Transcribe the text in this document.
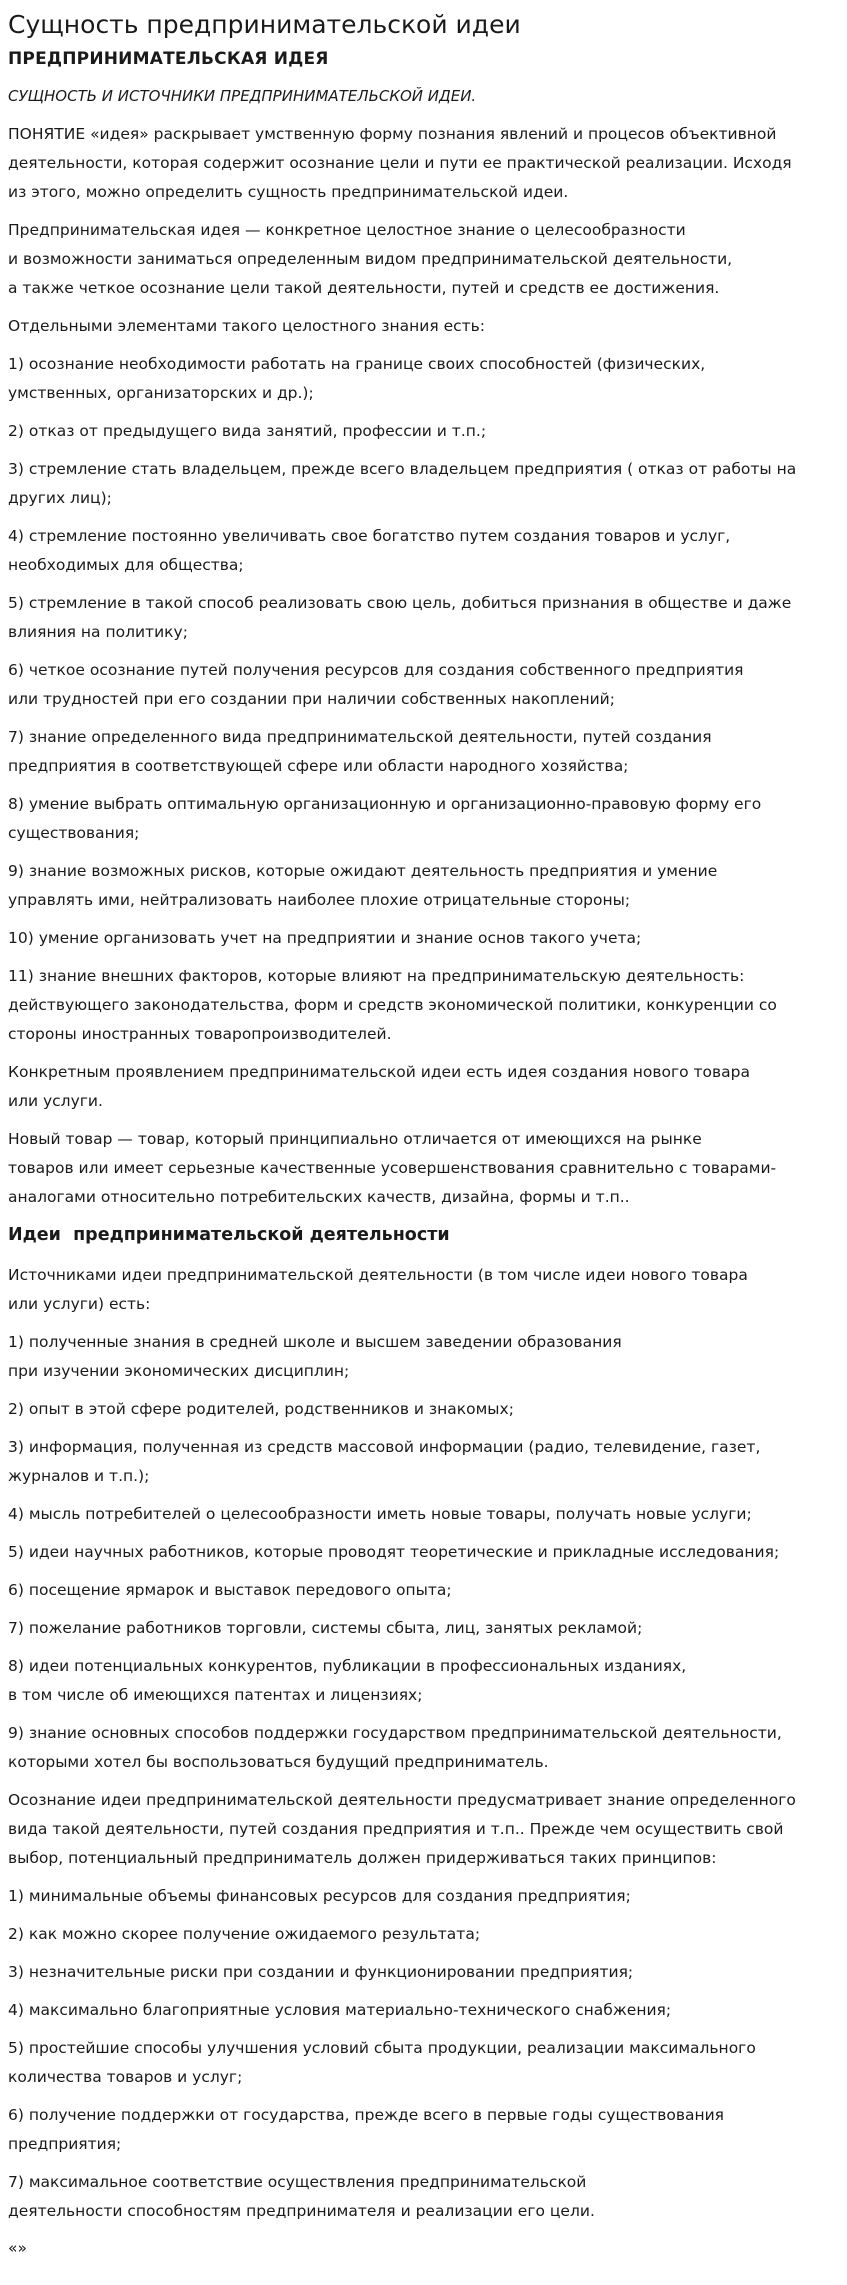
Сущность предпринимательской идеи
ПРЕДПРИНИМАТЕЛЬСКАЯ ИДЕЯ
СУЩНОСТЬ И ИСТОЧНИКИ ПРЕДПРИНИМАТЕЛЬСКОЙ ИДЕИ.

ПОНЯТИЕ «идея» раскрывает умственную форму познания явлений и процесов объективной
деятельности, которая содержит осознание цели и пути ее практической реализации. Исходя
из этого, можно определить сущность предпринимательской идеи.

Предпринимательская идея — конкретное целостное знание о целесообразности
и возможности заниматься определенным видом предпринимательской деятельности,
а также четкое осознание цели такой деятельности, путей и средств ее достижения.

Отдельными элементами такого целостного знания есть:

1) осознание необходимости работать на границе своих способностей (физических,
умственных, организаторских и др.);

2) отказ от предыдущего вида занятий, профессии и т.п.;

3) стремление стать владельцем, прежде всего владельцем предприятия ( отказ от работы на
других лиц);

4) стремление постоянно увеличивать свое богатство путем создания товаров и услуг,
необходимых для общества;

5) стремление в такой способ реализовать свою цель, добиться признания в обществе и даже
влияния на политику;

6) четкое осознание путей получения ресурсов для создания собственного предприятия
или трудностей при его создании при наличии собственных накоплений;

7) знание определенного вида предпринимательской деятельности, путей создания
предприятия в соответствующей сфере или области народного хозяйства;

8) умение выбрать оптимальную организационную и организационно-правовую форму его
существования;

9) знание возможных рисков, которые ожидают деятельность предприятия и умение
управлять ими, нейтрализовать наиболее плохие отрицательные стороны;

10) умение организовать учет на предприятии и знание основ такого учета;

11) знание внешних факторов, которые влияют на предпринимательскую деятельность:
действующего законодательства, форм и средств экономической политики, конкуренции со
стороны иностранных товаропроизводителей.

Конкретным проявлением предпринимательской идеи есть идея создания нового товара
или услуги.

Новый товар — товар, который принципиально отличается от имеющихся на рынке
товаров или имеет серьезные качественные усовершенствования сравнительно с товарами-
аналогами относительно потребительских качеств, дизайна, формы и т.п..

Идеи  предпринимательской деятельности

Источниками идеи предпринимательской деятельности (в том числе идеи нового товара
или услуги) есть:

1) полученные знания в средней школе и высшем заведении образования
при изучении экономических дисциплин;

2) опыт в этой сфере родителей, родственников и знакомых;

3) информация, полученная из средств массовой информации (радио, телевидение, газет,
журналов и т.п.);

4) мысль потребителей о целесообразности иметь новые товары, получать новые услуги;

5) идеи научных работников, которые проводят теоретические и прикладные исследования;

6) посещение ярмарок и выставок передового опыта;

7) пожелание работников торговли, системы сбыта, лиц, занятых рекламой;

8) идеи потенциальных конкурентов, публикации в профессиональных изданиях,
в том числе об имеющихся патентах и лицензиях;

9) знание основных способов поддержки государством предпринимательской деятельности,
которыми хотел бы воспользоваться будущий предприниматель.

Осознание идеи предпринимательской деятельности предусматривает знание определенного
вида такой деятельности, путей создания предприятия и т.п.. Прежде чем осуществить свой
выбор, потенциальный предприниматель должен придерживаться таких принципов:

1) минимальные объемы финансовых ресурсов для создания предприятия;

2) как можно скорее получение ожидаемого результата;

3) незначительные риски при создании и функционировании предприятия;

4) максимально благоприятные условия материально-технического снабжения;

5) простейшие способы улучшения условий сбыта продукции, реализации максимального
количества товаров и услуг;

6) получение поддержки от государства, прежде всего в первые годы существования
предприятия;

7) максимальное соответствие осуществления предпринимательской
деятельности способностям предпринимателя и реализации его цели.

«»
